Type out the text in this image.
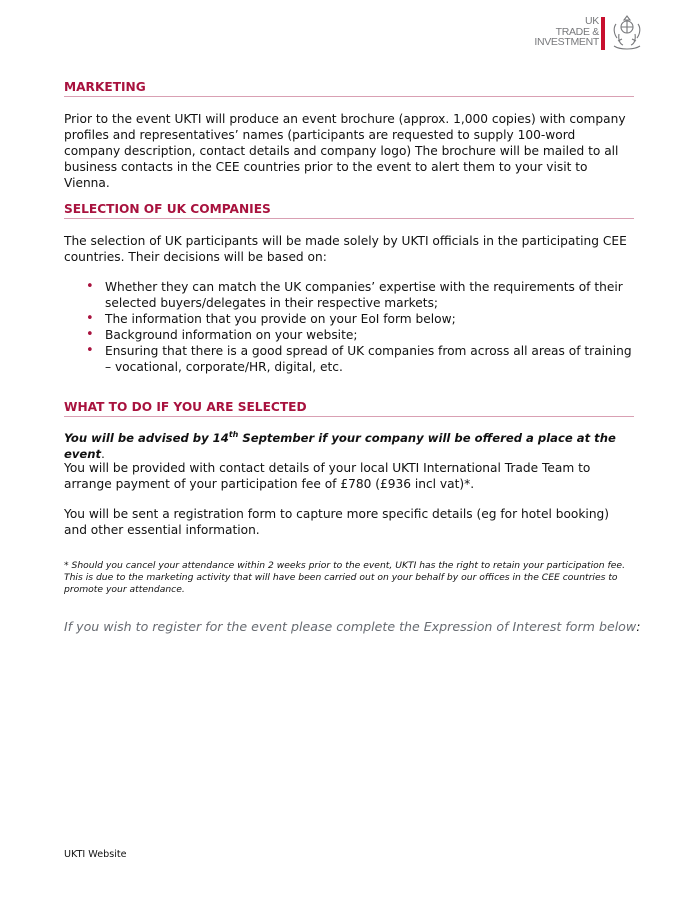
UK
TRADE &
INVESTMENT
MARKETING

Prior to the event UKTI will produce an event brochure (approx. 1,000 copies) with company profiles and representatives’ names (participants are requested to supply 100-word company description, contact details and company logo) The brochure will be mailed to all business contacts in the CEE countries prior to the event to alert them to your visit to Vienna.

SELECTION OF UK COMPANIES

The selection of UK participants will be made solely by UKTI officials in the participating CEE countries. Their decisions will be based on:

• Whether they can match the UK companies’ expertise with the requirements of their selected buyers/delegates in their respective markets;
• The information that you provide on your EoI form below;
• Background information on your website;
• Ensuring that there is a good spread of UK companies from across all areas of training – vocational, corporate/HR, digital, etc.
WHAT TO DO IF YOU ARE SELECTED
You will be advised by 14th September if your company will be offered a place at the event.

You will be provided with contact details of your local UKTI International Trade Team to arrange payment of your participation fee of £780 (£936 incl vat)*.

You will be sent a registration form to capture more specific details (eg for hotel booking) and other essential information.

* Should you cancel your attendance within 2 weeks prior to the event, UKTI has the right to retain your participation fee. This is due to the marketing activity that will have been carried out on your behalf by our offices in the CEE countries to promote your attendance.

If you wish to register for the event please complete the Expression of Interest form below:
UKTI Website
